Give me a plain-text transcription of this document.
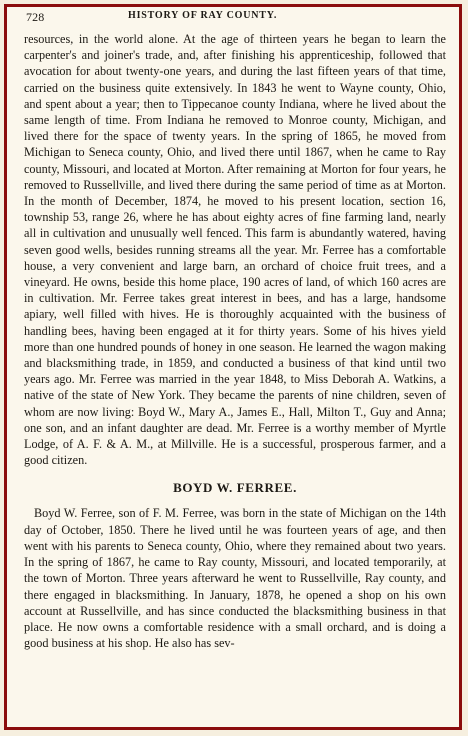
728	HISTORY OF RAY COUNTY.

resources, in the world alone. At the age of thirteen years he began to learn the carpenter's and joiner's trade, and, after finishing his apprenticeship, followed that avocation for about twenty-one years, and during the last fifteen years of that time, carried on the business quite extensively. In 1843 he went to Wayne county, Ohio, and spent about a year; then to Tippecanoe county Indiana, where he lived about the same length of time. From Indiana he removed to Monroe county, Michigan, and lived there for the space of twenty years. In the spring of 1865, he moved from Michigan to Seneca county, Ohio, and lived there until 1867, when he came to Ray county, Missouri, and located at Morton. After remaining at Morton for four years, he removed to Russellville, and lived there during the same period of time as at Morton. In the month of December, 1874, he moved to his present location, section 16, township 53, range 26, where he has about eighty acres of fine farming land, nearly all in cultivation and unusually well fenced. This farm is abundantly watered, having seven good wells, besides running streams all the year. Mr. Ferree has a comfortable house, a very convenient and large barn, an orchard of choice fruit trees, and a vineyard. He owns, beside this home place, 190 acres of land, of which 160 acres are in cultivation. Mr. Ferree takes great interest in bees, and has a large, handsome apiary, well filled with hives. He is thoroughly acquainted with the business of handling bees, having been engaged at it for thirty years. Some of his hives yield more than one hundred pounds of honey in one season. He learned the wagon making and blacksmithing trade, in 1859, and conducted a business of that kind until two years ago. Mr. Ferree was married in the year 1848, to Miss Deborah A. Watkins, a native of the state of New York. They became the parents of nine children, seven of whom are now living: Boyd W., Mary A., James E., Hall, Milton T., Guy and Anna; one son, and an infant daughter are dead. Mr. Ferree is a worthy member of Myrtle Lodge, of A. F. & A. M., at Millville. He is a successful, prosperous farmer, and a good citizen.

BOYD W. FERREE.

Boyd W. Ferree, son of F. M. Ferree, was born in the state of Michigan on the 14th day of October, 1850. There he lived until he was fourteen years of age, and then went with his parents to Seneca county, Ohio, where they remained about two years. In the spring of 1867, he came to Ray county, Missouri, and located temporarily, at the town of Morton. Three years afterward he went to Russellville, Ray county, and there engaged in blacksmithing. In January, 1878, he opened a shop on his own account at Russellville, and has since conducted the blacksmithing business in that place. He now owns a comfortable residence with a small orchard, and is doing a good business at his shop. He also has sev-
